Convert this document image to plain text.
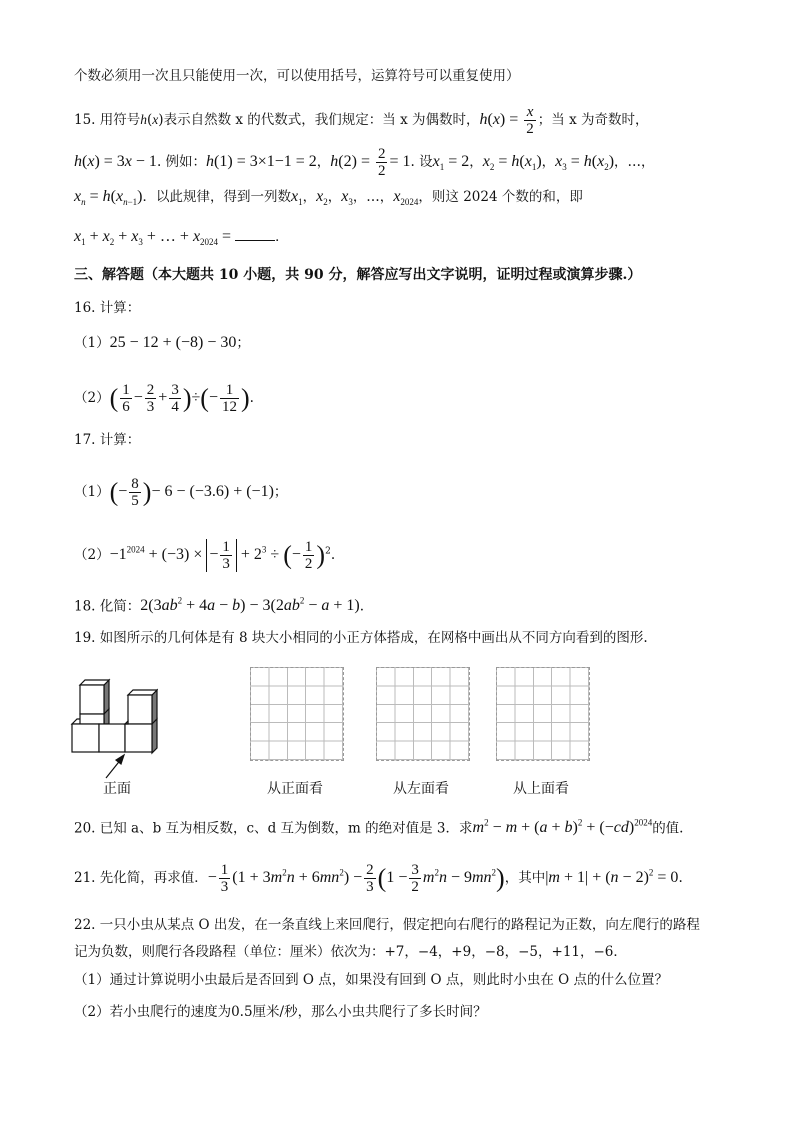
个数必须用一次且只能使用一次，可以使用括号，运算符号可以重复使用）
15. 用符号h(x)表示自然数 x 的代数式，我们规定：当 x 为偶数时，$h(x) = \frac{x}{2}$ ；当 x 为奇数时，
h(x) = 3x − 1. 例如：h(1) = 3×1−1 = 2，$h(2) = \frac{2}{2} = 1$. 设$x_1 = 2$，$x_2 = h(x_1)$，$x_3 = h(x_2)$，…，
$x_n = h(x_{n-1})$．以此规律，得到一列数$x_1$，$x_2$，$x_3$，…，$x_{2024}$，则这 2024 个数的和，即
$x_1 + x_2 + x_3$ + … + $x_{2024}$ =	．
三、解答题（本大题共 10 小题，共 90 分，解答应写出文字说明，证明过程或演算步骤.）
16. 计算：
（1）25 − 12 + (−8) − 30；
$(2)( \frac{1}{6} - \frac{2}{3} + \frac{3}{4}$ )÷(− $\frac{1}{12}$ ).
17. 计算：
$(1)(- \frac{8}{5}$ )− 6 − (−3.6) + (−1)；
$(2)-1^{2024} + (-3)$ × − $\frac{1}{3} + 2^3$ ÷ (− $\frac{1}{2} )^2$.
18. 化简：$2(3ab^2 + 4a - b) - 3(2ab^2 - a + 1)$.
19. 如图所示的几何体是有 8 块大小相同的小正方体搭成，在网格中画出从不同方向看到的图形.
正面	从正面看	从左面看	从上面看
20. 已知 a、b 互为相反数，c、d 互为倒数，m 的绝对值是 3．求$m^2 - m + (a + b)^2 + (-cd)^{2024}$的值.
21. 先化简，再求值．− $\frac{1}{3} (1 + 3m^2n + 6mn^2) - \frac{2}{3} (1 - \frac{3}{2} m^2n - 9mn^2)$，其中$|m + 1| + (n - 2)^2 = 0$.
22. 一只小虫从某点 O 出发，在一条直线上来回爬行，假定把向右爬行的路程记为正数，向左爬行的路程
记为负数，则爬行各段路程（单位：厘米）依次为：+7，−4，+9，−8，−5，+11，−6．
（1）通过计算说明小虫最后是否回到 O 点，如果没有回到 O 点，则此时小虫在 O 点的什么位置？
（2）若小虫爬行的速度为0.5厘米/秒，那么小虫共爬行了多长时间？
